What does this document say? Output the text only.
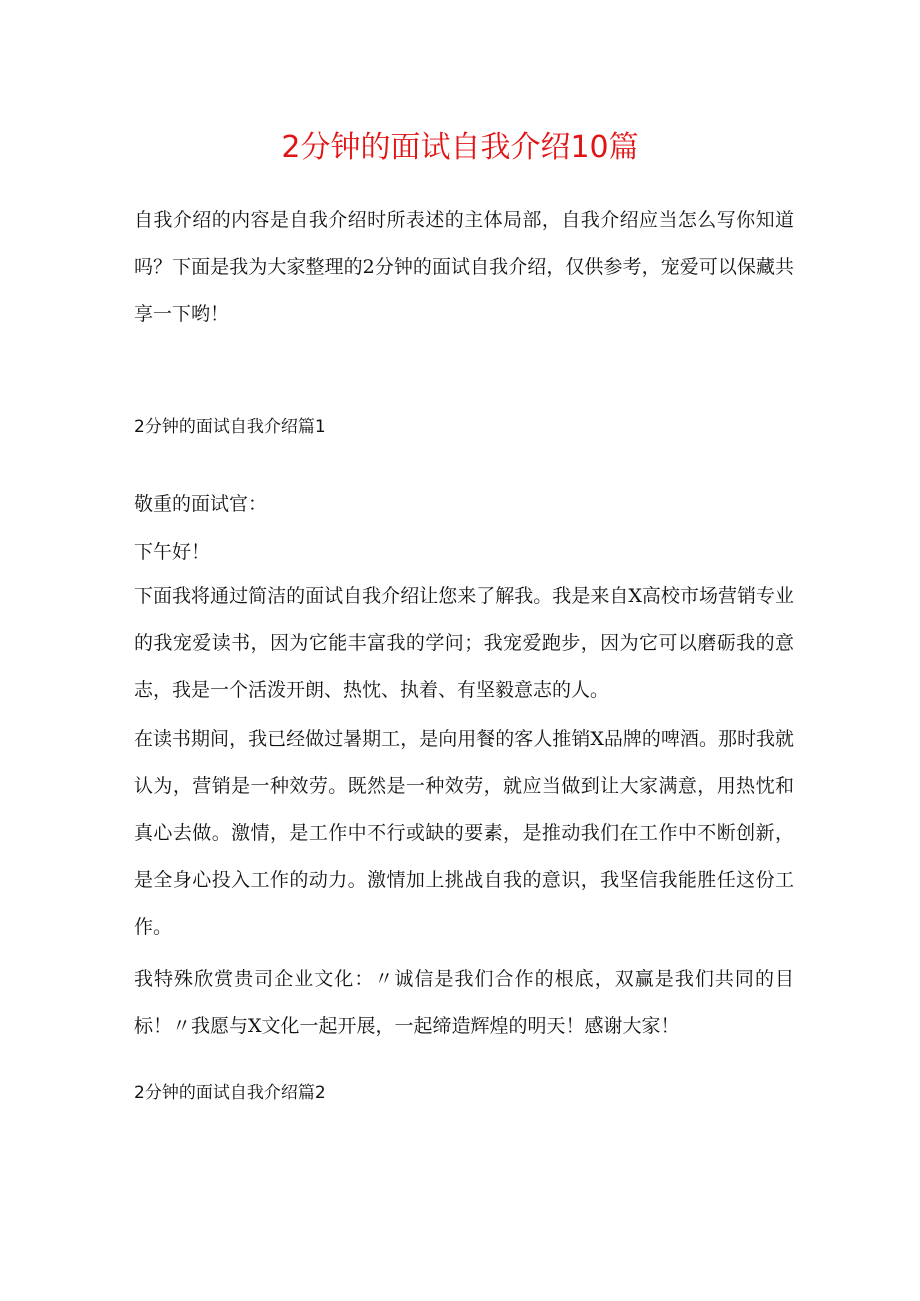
2分钟的面试自我介绍10篇
自我介绍的内容是自我介绍时所表述的主体局部，自我介绍应当怎么写你知道吗？下面是我为大家整理的2分钟的面试自我介绍，仅供参考，宠爱可以保藏共享一下哟！
2分钟的面试自我介绍篇1
敬重的面试官：
下午好！
下面我将通过简洁的面试自我介绍让您来了解我。我是来自X高校市场营销专业的我宠爱读书，因为它能丰富我的学问；我宠爱跑步，因为它可以磨砺我的意志，我是一个活泼开朗、热忱、执着、有坚毅意志的人。
在读书期间，我已经做过暑期工，是向用餐的客人推销X品牌的啤酒。那时我就认为，营销是一种效劳。既然是一种效劳，就应当做到让大家满意，用热忱和真心去做。激情，是工作中不行或缺的要素，是推动我们在工作中不断创新，是全身心投入工作的动力。激情加上挑战自我的意识，我坚信我能胜任这份工作。
我特殊欣赏贵司企业文化：〃诚信是我们合作的根底，双赢是我们共同的目标！〃我愿与X文化一起开展，一起缔造辉煌的明天！感谢大家！
2分钟的面试自我介绍篇2
